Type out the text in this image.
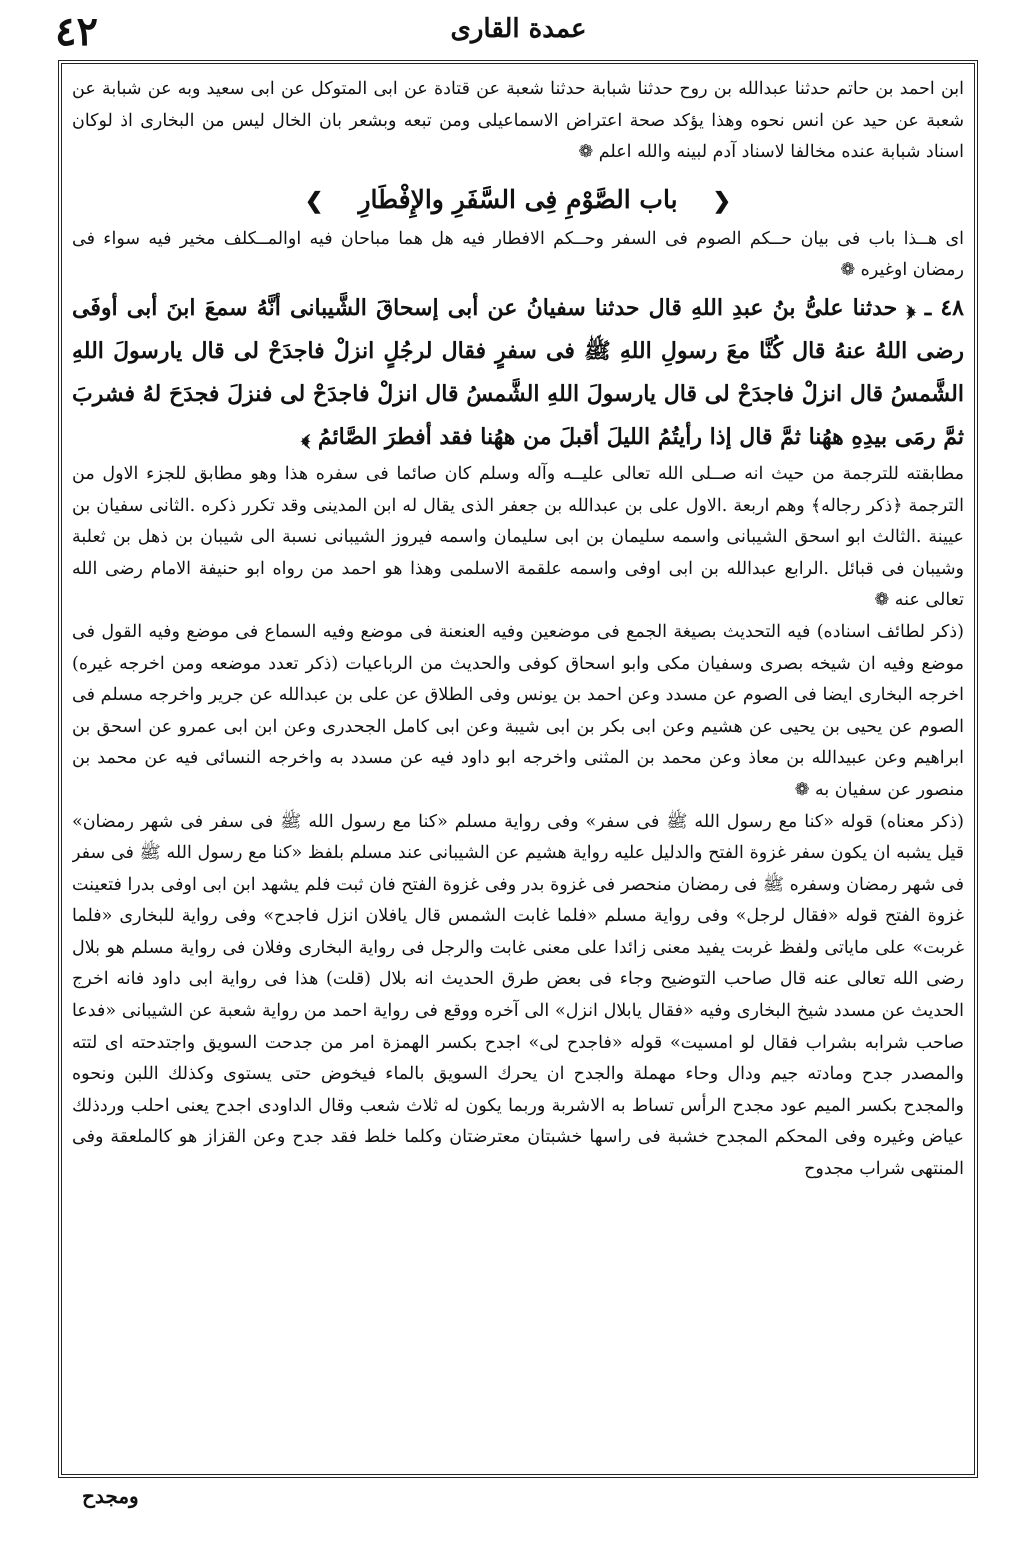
٤٢	عمدة القارى

ابن احمد بن حاتم حدثنا عبدالله بن روح حدثنا شبابة حدثنا شعبة عن قتادة عن ابى المتوكل عن ابى سعيد وبه عن شبابة عن شعبة عن حيد عن انس نحوه وهذا يؤكد صحة اعتراض الاسماعيلى ومن تبعه وبشعر بان الخال ليس من البخارى اذ لوكان اسناد شبابة عنده مخالفا لاسناد آدم لبينه والله اعلم ❁

❮ باب الصَّوْمِ فِى السَّفَرِ والإِفْطَارِ ❯

اى هــذا باب فى بيان حــكم الصوم فى السفر وحــكم الافطار فيه هل هما مباحان فيه اوالمــكلف مخير فيه سواء فى رمضان اوغيره ❁

٤٨ ـ ﴿ حدثنا علىُّ بنُ عبدِ اللهِ قال حدثنا سفيانُ عن أبى إسحاقَ الشَّيبانى أنَّهُ سمعَ ابنَ أبى أوفَى رضى اللهُ عنهُ قال كُنَّا معَ رسولِ اللهِ ﷺ فى سفرٍ فقال لرجُلٍ انزلْ فاجدَحْ لى قال يارسولَ اللهِ الشَّمسُ قال انزلْ فاجدَحْ لى قال يارسولَ اللهِ الشَّمسُ قال انزلْ فاجدَحْ لى فنزلَ فجدَحَ لهُ فشربَ ثمَّ رمَى بيدِهِ ههُنا ثمَّ قال إذا رأيتُمُ الليلَ أقبلَ من ههُنا فقد أفطرَ الصَّائمُ ﴾

مطابقته للترجمة من حيث انه صــلى الله تعالى عليــه وآله وسلم كان صائما فى سفره هذا وهو مطابق للجزء الاول من الترجمة ﴿ذكر رجاله﴾ وهم اربعة .الاول على بن عبدالله بن جعفر الذى يقال له ابن المدينى وقد تكرر ذكره .الثانى سفيان بن عيينة .الثالث ابو اسحق الشيبانى واسمه سليمان بن ابى سليمان واسمه فيروز الشيبانى نسبة الى شيبان بن ذهل بن ثعلبة وشيبان فى قبائل .الرابع عبدالله بن ابى اوفى واسمه علقمة الاسلمى وهذا هو احمد من رواه ابو حنيفة الامام رضى الله تعالى عنه ❁

(ذكر لطائف اسناده) فيه التحديث بصيغة الجمع فى موضعين وفيه العنعنة فى موضع وفيه السماع فى موضع وفيه القول فى موضع وفيه ان شيخه بصرى وسفيان مكى وابو اسحاق كوفى والحديث من الرباعيات (ذكر تعدد موضعه ومن اخرجه غيره) اخرجه البخارى ايضا فى الصوم عن مسدد وعن احمد بن يونس وفى الطلاق عن على بن عبدالله عن جرير واخرجه مسلم فى الصوم عن يحيى بن يحيى عن هشيم وعن ابى بكر بن ابى شيبة وعن ابى كامل الجحدرى وعن ابن ابى عمرو عن اسحق بن ابراهيم وعن عبيدالله بن معاذ وعن محمد بن المثنى واخرجه ابو داود فيه عن مسدد به واخرجه النسائى فيه عن محمد بن منصور عن سفيان به ❁

(ذكر معناه) قوله «كنا مع رسول الله ﷺ فى سفر» وفى رواية مسلم «كنا مع رسول الله ﷺ فى سفر فى شهر رمضان» قيل يشبه ان يكون سفر غزوة الفتح والدليل عليه رواية هشيم عن الشيبانى عند مسلم بلفظ «كنا مع رسول الله ﷺ فى سفر فى شهر رمضان وسفره ﷺ فى رمضان منحصر فى غزوة بدر وفى غزوة الفتح فان ثبت فلم يشهد ابن ابى اوفى بدرا فتعينت غزوة الفتح قوله «فقال لرجل» وفى رواية مسلم «فلما غابت الشمس قال يافلان انزل فاجدح» وفى رواية للبخارى «فلما غربت» على ماياتى ولفظ غربت يفيد معنى زائدا على معنى غابت والرجل فى رواية البخارى وفلان فى رواية مسلم هو بلال رضى الله تعالى عنه قال صاحب التوضيح وجاء فى بعض طرق الحديث انه بلال (قلت) هذا فى رواية ابى داود فانه اخرج الحديث عن مسدد شيخ البخارى وفيه «فقال يابلال انزل» الى آخره ووقع فى رواية احمد من رواية شعبة عن الشيبانى «فدعا صاحب شرابه بشراب فقال لو امسيت» قوله «فاجدح لى» اجدح بكسر الهمزة امر من جدحت السويق واجتدحته اى لتته والمصدر جدح ومادته جيم ودال وحاء مهملة والجدح ان يحرك السويق بالماء فيخوض حتى يستوى وكذلك اللبن ونحوه والمجدح بكسر الميم عود مجدح الرأس تساط به الاشربة وربما يكون له ثلاث شعب وقال الداودى اجدح يعنى احلب وردذلك عياض وغيره وفى المحكم المجدح خشبة فى راسها خشبتان معترضتان وكلما خلط فقد جدح وعن القزاز هو كالملعقة وفى المنتهى شراب مجدوح

ومجدح
